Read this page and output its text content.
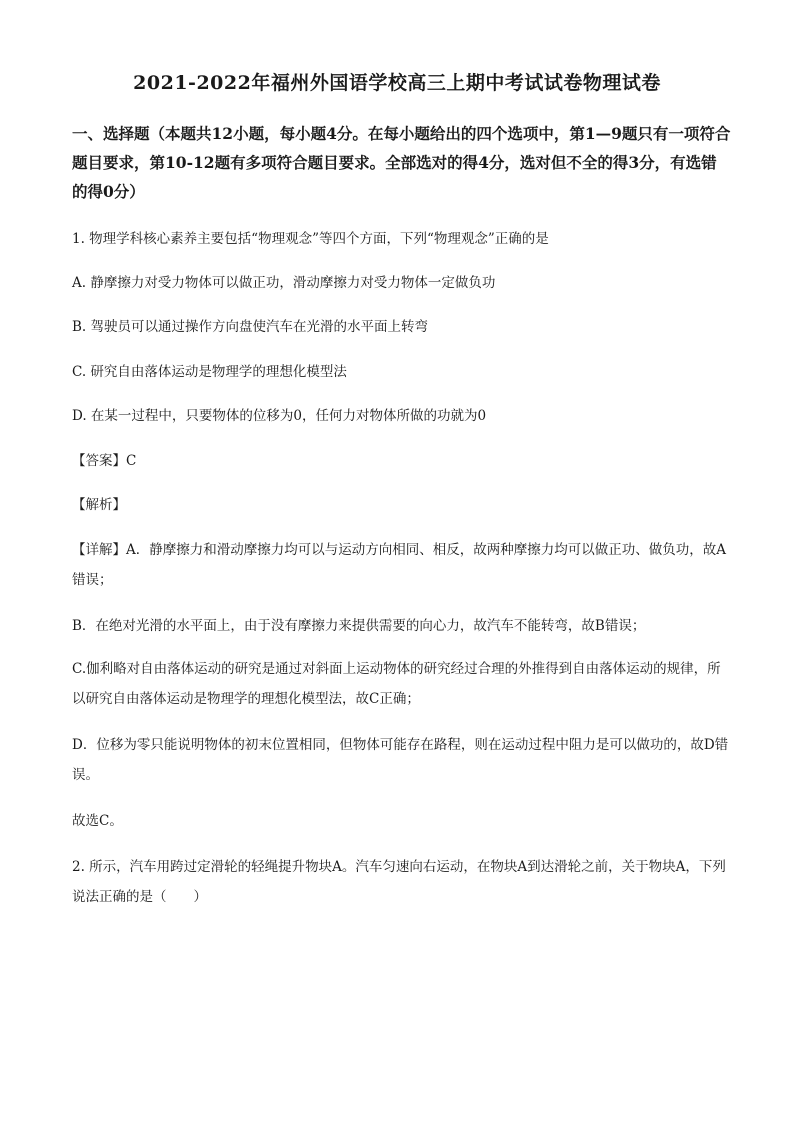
2021-2022年福州外国语学校高三上期中考试试卷物理试卷
一、选择题（本题共12小题，每小题4分。在每小题给出的四个选项中，第1—9题只有一项符合题目要求，第10-12题有多项符合题目要求。全部选对的得4分，选对但不全的得3分，有选错的得0分）
1. 物理学科核心素养主要包括“物理观念”等四个方面，下列“物理观念”正确的是
A. 静摩擦力对受力物体可以做正功，滑动摩擦力对受力物体一定做负功
B. 驾驶员可以通过操作方向盘使汽车在光滑的水平面上转弯
C. 研究自由落体运动是物理学的理想化模型法
D. 在某一过程中，只要物体的位移为0，任何力对物体所做的功就为0
【答案】C
【解析】
【详解】A．静摩擦力和滑动摩擦力均可以与运动方向相同、相反，故两种摩擦力均可以做正功、做负功，故A错误；
B．在绝对光滑的水平面上，由于没有摩擦力来提供需要的向心力，故汽车不能转弯，故B错误；
C.伽利略对自由落体运动的研究是通过对斜面上运动物体的研究经过合理的外推得到自由落体运动的规律，所以研究自由落体运动是物理学的理想化模型法，故C正确；
D．位移为零只能说明物体的初末位置相同，但物体可能存在路程，则在运动过程中阻力是可以做功的，故D错误。
故选C。
2. 所示，汽车用跨过定滑轮的轻绳提升物块A。汽车匀速向右运动，在物块A到达滑轮之前，关于物块A，下列说法正确的是（　　）
